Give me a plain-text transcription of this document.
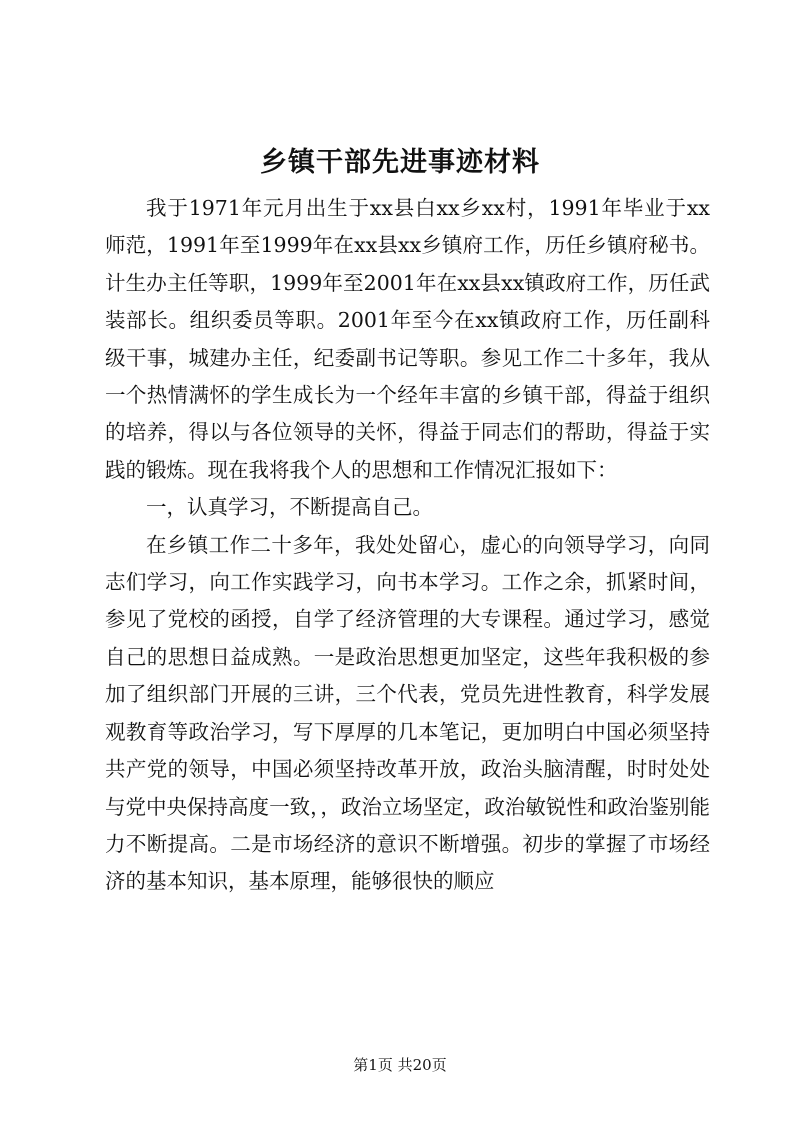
乡镇干部先进事迹材料

我于1971年元月出生于xx县白xx乡xx村，1991年毕业于xx师范，1991年至1999年在xx县xx乡镇府工作，历任乡镇府秘书。计生办主任等职，1999年至2001年在xx县xx镇政府工作，历任武装部长。组织委员等职。2001年至今在xx镇政府工作，历任副科级干事，城建办主任，纪委副书记等职。参见工作二十多年，我从一个热情满怀的学生成长为一个经年丰富的乡镇干部，得益于组织的培养，得以与各位领导的关怀，得益于同志们的帮助，得益于实践的锻炼。现在我将我个人的思想和工作情况汇报如下：

一，认真学习，不断提高自己。

在乡镇工作二十多年，我处处留心，虚心的向领导学习，向同志们学习，向工作实践学习，向书本学习。工作之余，抓紧时间，参见了党校的函授，自学了经济管理的大专课程。通过学习，感觉自己的思想日益成熟。一是政治思想更加坚定，这些年我积极的参加了组织部门开展的三讲，三个代表，党员先进性教育，科学发展观教育等政治学习，写下厚厚的几本笔记，更加明白中国必须坚持共产党的领导，中国必须坚持改革开放，政治头脑清醒，时时处处与党中央保持高度一致，，政治立场坚定，政治敏锐性和政治鉴别能力不断提高。二是市场经济的意识不断增强。初步的掌握了市场经济的基本知识，基本原理，能够很快的顺应

第1页 共20页
